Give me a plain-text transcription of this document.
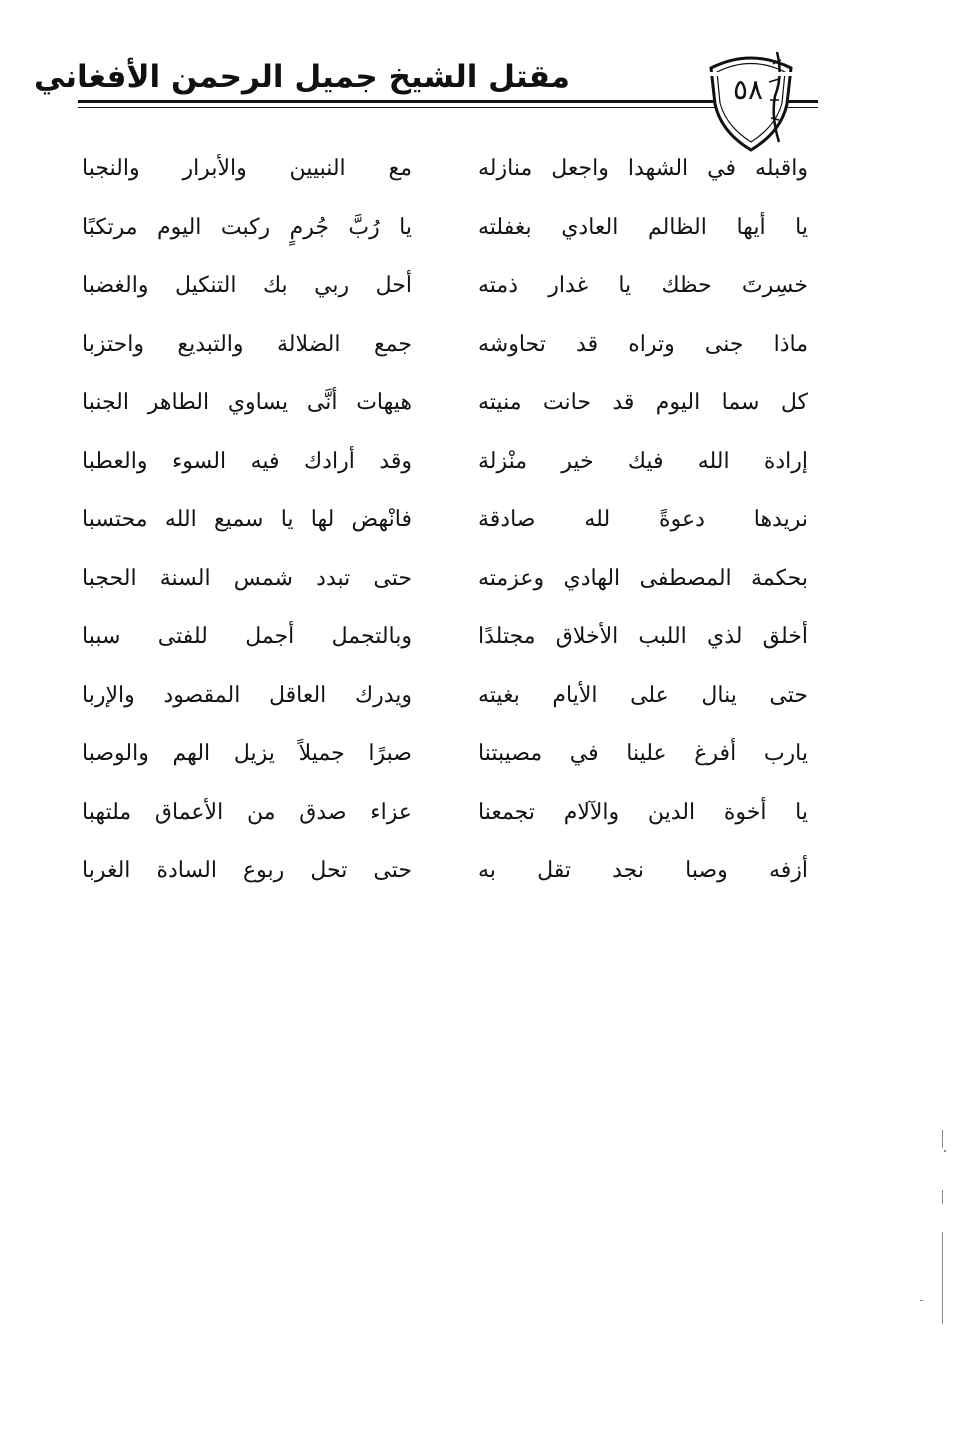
مقتل الشيخ جميل الرحمن الأفغاني	٥٨
واقبله في الشهدا واجعل منازله
مع النبيين والأبرار والنجبا
يا أيها الظالم العادي بغفلته
يا رُبَّ جُرمٍ ركبت اليوم مرتكبًا
خسِرتَ حظك يا غدار ذمته
أحل ربي بك التنكيل والغضبا
ماذا جنى وتراه قد تحاوشه
جمع الضلالة والتبديع واحتزبا
كل سما اليوم قد حانت منيته
هيهات أنَّى يساوي الطاهر الجنبا
إرادة الله فيك خير منْزلة
وقد أرادك فيه السوء والعطبا
نريدها دعوةً لله صادقة
فانْهض لها يا سميع الله محتسبا
بحكمة المصطفى الهادي وعزمته
حتى تبدد شمس السنة الحجبا
أخلق لذي اللبب الأخلاق مجتلدًا
وبالتجمل أجمل للفتى سببا
حتى ينال على الأيام بغيته
ويدرك العاقل المقصود والإربا
يارب أفرغ علينا في مصيبتنا
صبرًا جميلاً يزيل الهم والوصبا
يا أخوة الدين والآلام تجمعنا
عزاء صدق من الأعماق ملتهبا
أزفه وصبا نجد تقل به
حتى تحل ربوع السادة الغربا
